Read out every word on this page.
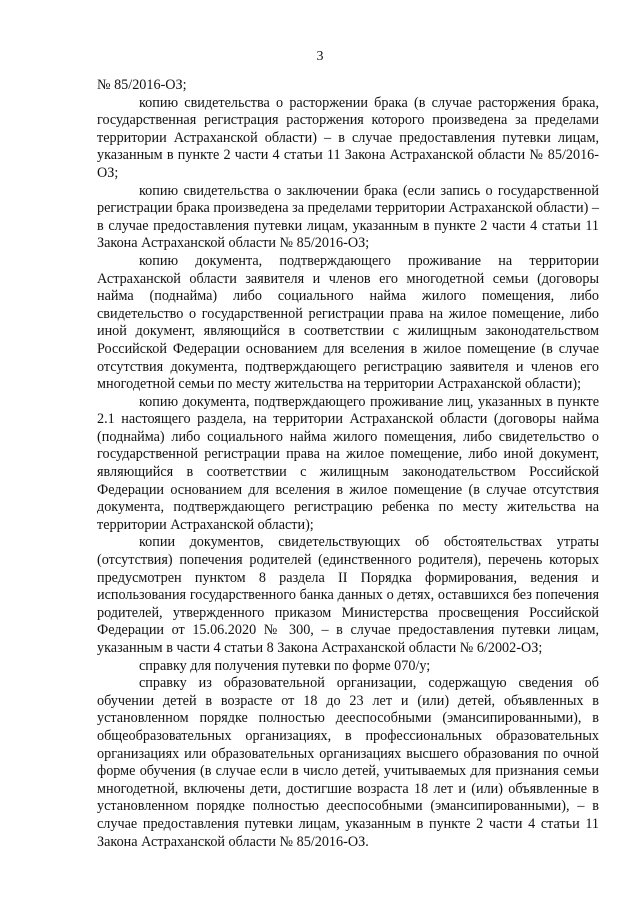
3

№ 85/2016-ОЗ;

копию свидетельства о расторжении брака (в случае расторжения брака, государственная регистрация расторжения которого произведена за пределами территории Астраханской области) – в случае предоставления путевки лицам, указанным в пункте 2 части 4 статьи 11 Закона Астраханской области № 85/2016-ОЗ;

копию свидетельства о заключении брака (если запись о государственной регистрации брака произведена за пределами территории Астраханской области) – в случае предоставления путевки лицам, указанным в пункте 2 части 4 статьи 11 Закона Астраханской области № 85/2016-ОЗ;

копию документа, подтверждающего проживание на территории Астраханской области заявителя и членов его многодетной семьи (договоры найма (поднайма) либо социального найма жилого помещения, либо свидетельство о государственной регистрации права на жилое помещение, либо иной документ, являющийся в соответствии с жилищным законодательством Российской Федерации основанием для вселения в жилое помещение (в случае отсутствия документа, подтверждающего регистрацию заявителя и членов его многодетной семьи по месту жительства на территории Астраханской области);

копию документа, подтверждающего проживание лиц, указанных в пункте 2.1 настоящего раздела, на территории Астраханской области (договоры найма (поднайма) либо социального найма жилого помещения, либо свидетельство о государственной регистрации права на жилое помещение, либо иной документ, являющийся в соответствии с жилищным законодательством Российской Федерации основанием для вселения в жилое помещение (в случае отсутствия документа, подтверждающего регистрацию ребенка по месту жительства на территории Астраханской области);

копии документов, свидетельствующих об обстоятельствах утраты (отсутствия) попечения родителей (единственного родителя), перечень которых предусмотрен пунктом 8 раздела II Порядка формирования, ведения и использования государственного банка данных о детях, оставшихся без попечения родителей, утвержденного приказом Министерства просвещения Российской Федерации от 15.06.2020 № 300, – в случае предоставления путевки лицам, указанным в части 4 статьи 8 Закона Астраханской области № 6/2002-ОЗ;

справку для получения путевки по форме 070/у;

справку из образовательной организации, содержащую сведения об обучении детей в возрасте от 18 до 23 лет и (или) детей, объявленных в установленном порядке полностью дееспособными (эмансипированными), в общеобразовательных организациях, в профессиональных образовательных организациях или образовательных организациях высшего образования по очной форме обучения (в случае если в число детей, учитываемых для признания семьи многодетной, включены дети, достигшие возраста 18 лет и (или) объявленные в установленном порядке полностью дееспособными (эмансипированными), – в случае предоставления путевки лицам, указанным в пункте 2 части 4 статьи 11 Закона Астраханской области № 85/2016-ОЗ.
